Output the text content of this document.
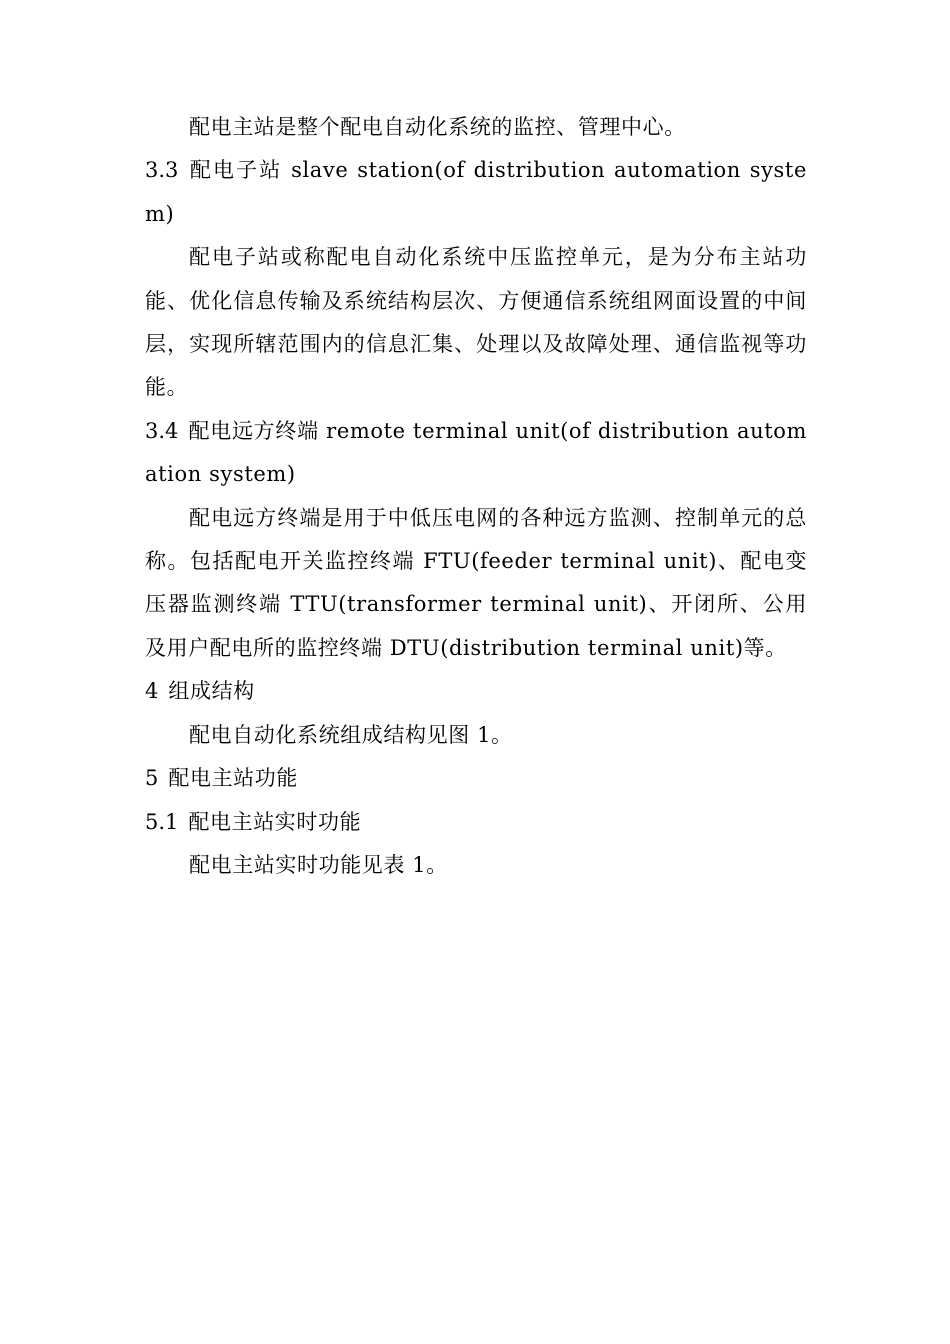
配电主站是整个配电自动化系统的监控、管理中心。

3.3 配电子站 slave station(of distribution automation system)

配电子站或称配电自动化系统中压监控单元，是为分布主站功能、优化信息传输及系统结构层次、方便通信系统组网面设置的中间层，实现所辖范围内的信息汇集、处理以及故障处理、通信监视等功能。

3.4 配电远方终端 remote terminal unit(of distribution automation system)

配电远方终端是用于中低压电网的各种远方监测、控制单元的总称。包括配电开关监控终端 FTU(feeder terminal unit)、配电变压器监测终端 TTU(transformer terminal unit)、开闭所、公用及用户配电所的监控终端 DTU(distribution terminal unit)等。

4 组成结构

配电自动化系统组成结构见图 1。

5 配电主站功能

5.1 配电主站实时功能

配电主站实时功能见表 1。
